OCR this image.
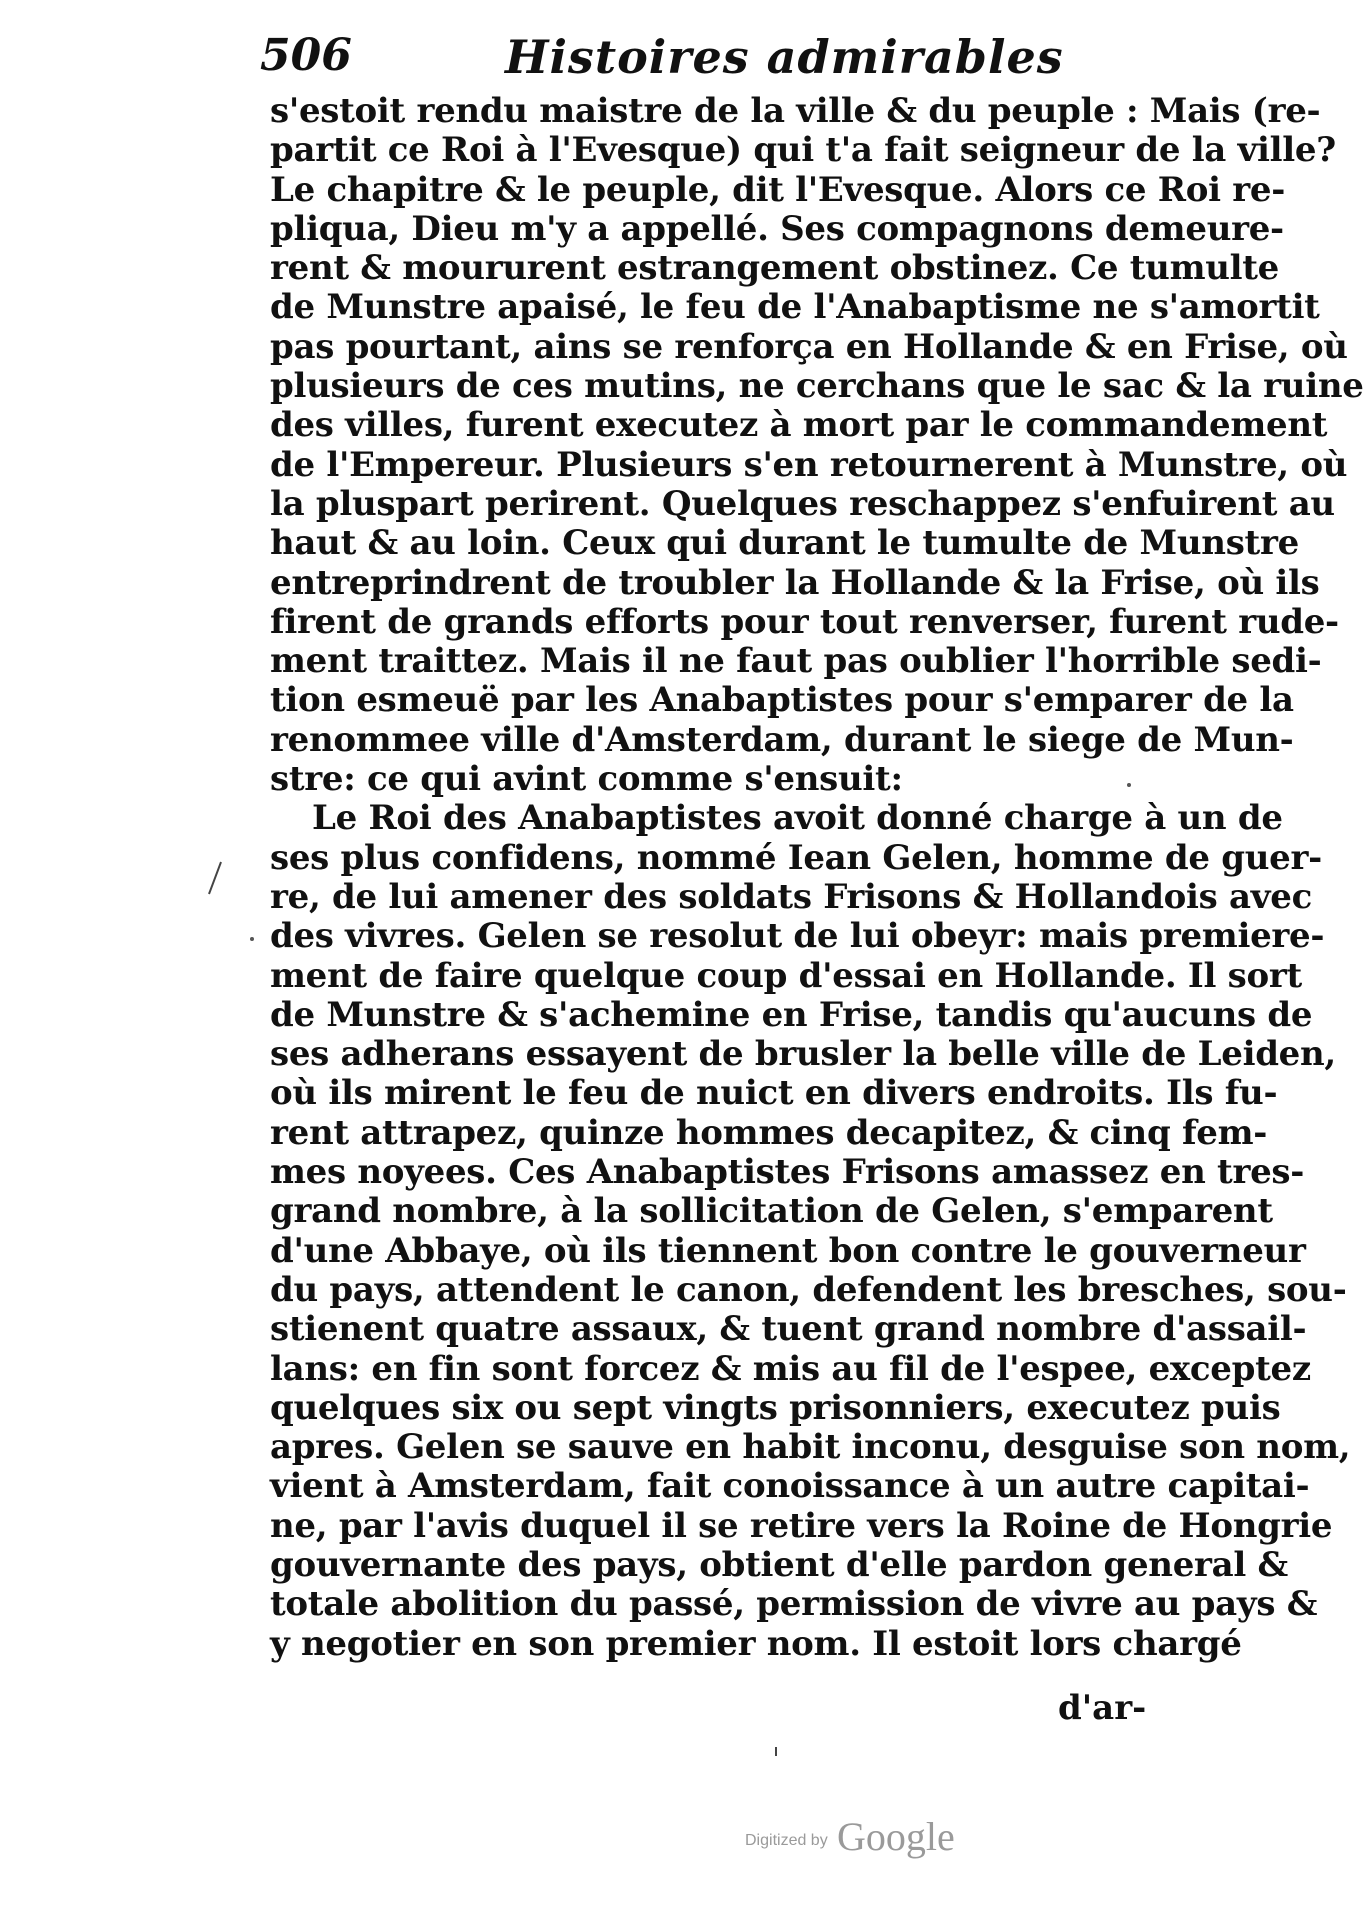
506	Histoires admirables
s'estoit rendu maistre de la ville & du peuple : Mais (re-
partit ce Roi à l'Evesque) qui t'a fait seigneur de la ville?
Le chapitre & le peuple, dit l'Evesque. Alors ce Roi re-
pliqua, Dieu m'y a appellé. Ses compagnons demeure-
rent & moururent estrangement obstinez. Ce tumulte
de Munstre apaisé, le feu de l'Anabaptisme ne s'amortit
pas pourtant, ains se renforça en Hollande & en Frise, où
plusieurs de ces mutins, ne cerchans que le sac & la ruine
des villes, furent executez à mort par le commandement
de l'Empereur. Plusieurs s'en retournerent à Munstre, où
la pluspart perirent. Quelques reschappez s'enfuirent au
haut & au loin. Ceux qui durant le tumulte de Munstre
entreprindrent de troubler la Hollande & la Frise, où ils
firent de grands efforts pour tout renverser, furent rude-
ment traittez. Mais il ne faut pas oublier l'horrible sedi-
tion esmeuë par les Anabaptistes pour s'emparer de la
renommee ville d'Amsterdam, durant le siege de Mun-
stre: ce qui avint comme s'ensuit:
Le Roi des Anabaptistes avoit donné charge à un de
ses plus confidens, nommé Iean Gelen, homme de guer-
re, de lui amener des soldats Frisons & Hollandois avec
des vivres. Gelen se resolut de lui obeyr: mais premiere-
ment de faire quelque coup d'essai en Hollande. Il sort
de Munstre & s'achemine en Frise, tandis qu'aucuns de
ses adherans essayent de brusler la belle ville de Leiden,
où ils mirent le feu de nuict en divers endroits. Ils fu-
rent attrapez, quinze hommes decapitez, & cinq fem-
mes noyees. Ces Anabaptistes Frisons amassez en tres-
grand nombre, à la sollicitation de Gelen, s'emparent
d'une Abbaye, où ils tiennent bon contre le gouverneur
du pays, attendent le canon, defendent les bresches, sou-
stienent quatre assaux, & tuent grand nombre d'assail-
lans: en fin sont forcez & mis au fil de l'espee, exceptez
quelques six ou sept vingts prisonniers, executez puis
apres. Gelen se sauve en habit inconu, desguise son nom,
vient à Amsterdam, fait conoissance à un autre capitai-
ne, par l'avis duquel il se retire vers la Roine de Hongrie
gouvernante des pays, obtient d'elle pardon general &
totale abolition du passé, permission de vivre au pays &
y negotier en son premier nom. Il estoit lors chargé
d'ar-
Digitized by Google
